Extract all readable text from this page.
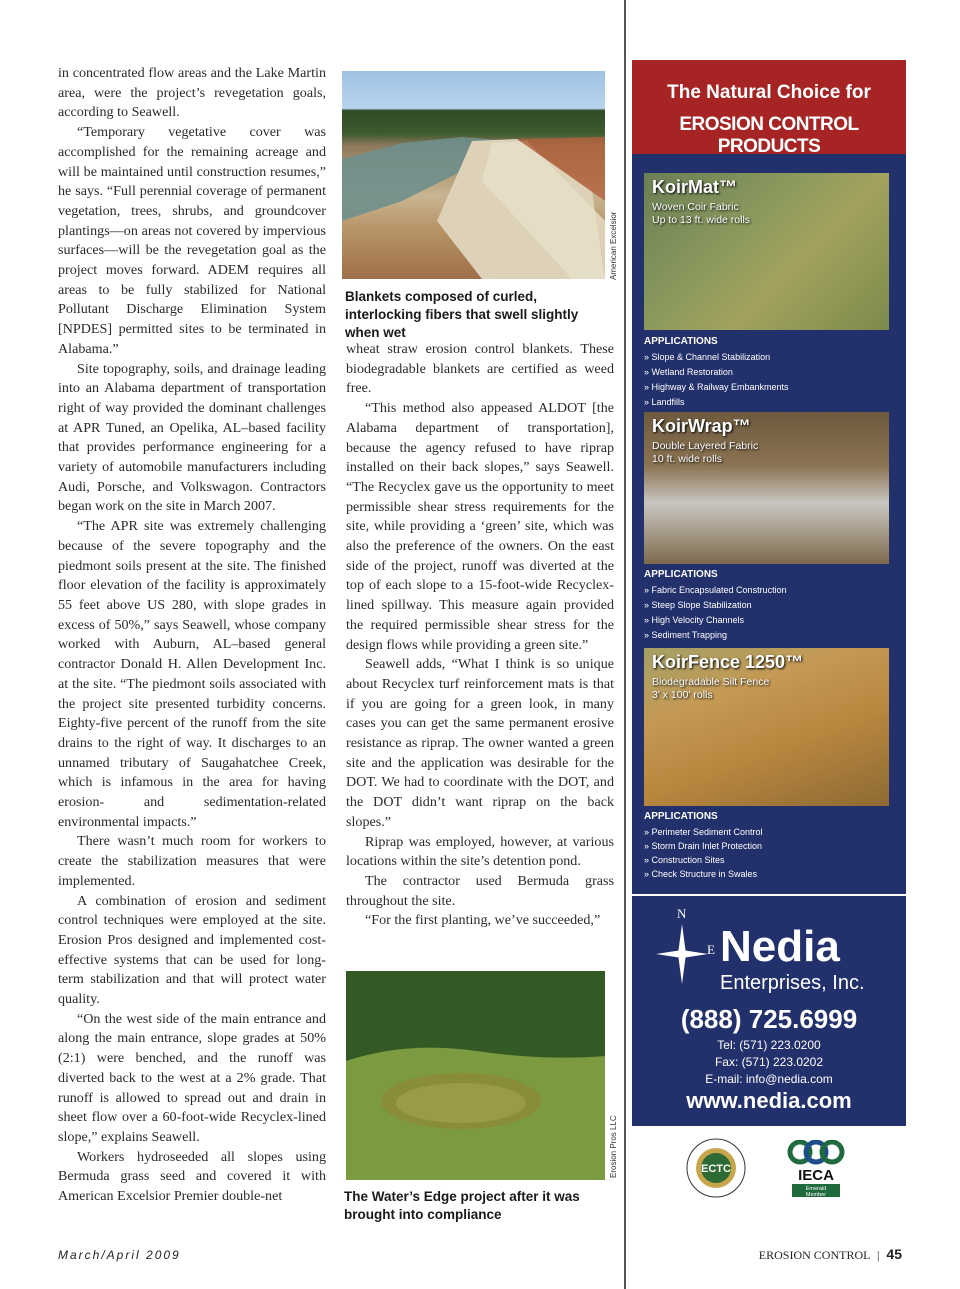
in concentrated flow areas and the Lake Martin area, were the project’s revegetation goals, according to Seawell.

“Temporary vegetative cover was accomplished for the remaining acreage and will be maintained until construction resumes,” he says. “Full perennial coverage of permanent vegetation, trees, shrubs, and groundcover plantings—on areas not covered by impervious surfaces—will be the revegetation goal as the project moves forward. ADEM requires all areas to be fully stabilized for National Pollutant Discharge Elimination System [NPDES] permitted sites to be terminated in Alabama.”

Site topography, soils, and drainage leading into an Alabama department of transportation right of way provided the dominant challenges at APR Tuned, an Opelika, AL–based facility that provides performance engineering for a variety of automobile manufacturers including Audi, Porsche, and Volkswagon. Contractors began work on the site in March 2007.

“The APR site was extremely challenging because of the severe topography and the piedmont soils present at the site. The finished floor elevation of the facility is approximately 55 feet above US 280, with slope grades in excess of 50%,” says Seawell, whose company worked with Auburn, AL–based general contractor Donald H. Allen Development Inc. at the site. “The piedmont soils associated with the project site presented turbidity concerns. Eighty-five percent of the runoff from the site drains to the right of way. It discharges to an unnamed tributary of Saugahatchee Creek, which is infamous in the area for having erosion- and sedimentation-related environmental impacts.”

There wasn’t much room for workers to create the stabilization measures that were implemented.

A combination of erosion and sediment control techniques were employed at the site. Erosion Pros designed and implemented cost-effective systems that can be used for long-term stabilization and that will protect water quality.

“On the west side of the main entrance and along the main entrance, slope grades at 50% (2:1) were benched, and the runoff was diverted back to the west at a 2% grade. That runoff is allowed to spread out and drain in sheet flow over a 60-foot-wide Recyclex-lined slope,” explains Seawell.

Workers hydroseeded all slopes using Bermuda grass seed and covered it with American Excelsior Premier double-net

American Excelsior
Blankets composed of curled, interlocking fibers that swell slightly when wet

wheat straw erosion control blankets. These biodegradable blankets are certified as weed free.

“This method also appeased ALDOT [the Alabama department of transportation], because the agency refused to have riprap installed on their back slopes,” says Seawell. “The Recyclex gave us the opportunity to meet permissible shear stress requirements for the site, while providing a ‘green’ site, which was also the preference of the owners. On the east side of the project, runoff was diverted at the top of each slope to a 15-foot-wide Recyclex-lined spillway. This measure again provided the required permissible shear stress for the design flows while providing a green site.”

Seawell adds, “What I think is so unique about Recyclex turf reinforcement mats is that if you are going for a green look, in many cases you can get the same permanent erosive resistance as riprap. The owner wanted a green site and the application was desirable for the DOT. We had to coordinate with the DOT, and the DOT didn’t want riprap on the back slopes.”

Riprap was employed, however, at various locations within the site’s detention pond.

The contractor used Bermuda grass throughout the site.

“For the first planting, we’ve succeeded,”

Erosion Pros LLC
The Water’s Edge project after it was brought into compliance
The Natural Choice for
EROSION CONTROL PRODUCTS
KoirMat™
Woven Coir Fabric
Up to 13 ft. wide rolls
APPLICATIONS
» Slope & Channel Stabilization
» Wetland Restoration
» Highway & Railway Embankments
» Landfills
KoirWrap™
Double Layered Fabric
10 ft. wide rolls
APPLICATIONS
» Fabric Encapsulated Construction
» Steep Slope Stabilization
» High Velocity Channels
» Sediment Trapping
KoirFence 1250™
Biodegradable Silt Fence
3' x 100' rolls
APPLICATIONS
» Perimeter Sediment Control
» Storm Drain Inlet Protection
» Construction Sites
» Check Structure in Swales
N
E Nedia
Enterprises, Inc.
(888) 725.6999
Tel: (571) 223.0200
Fax: (571) 223.0202
E-mail: info@nedia.com
www.nedia.com
ECTC	IECA
Emerald
Member
March/April 2009	EROSION CONTROL | 45
